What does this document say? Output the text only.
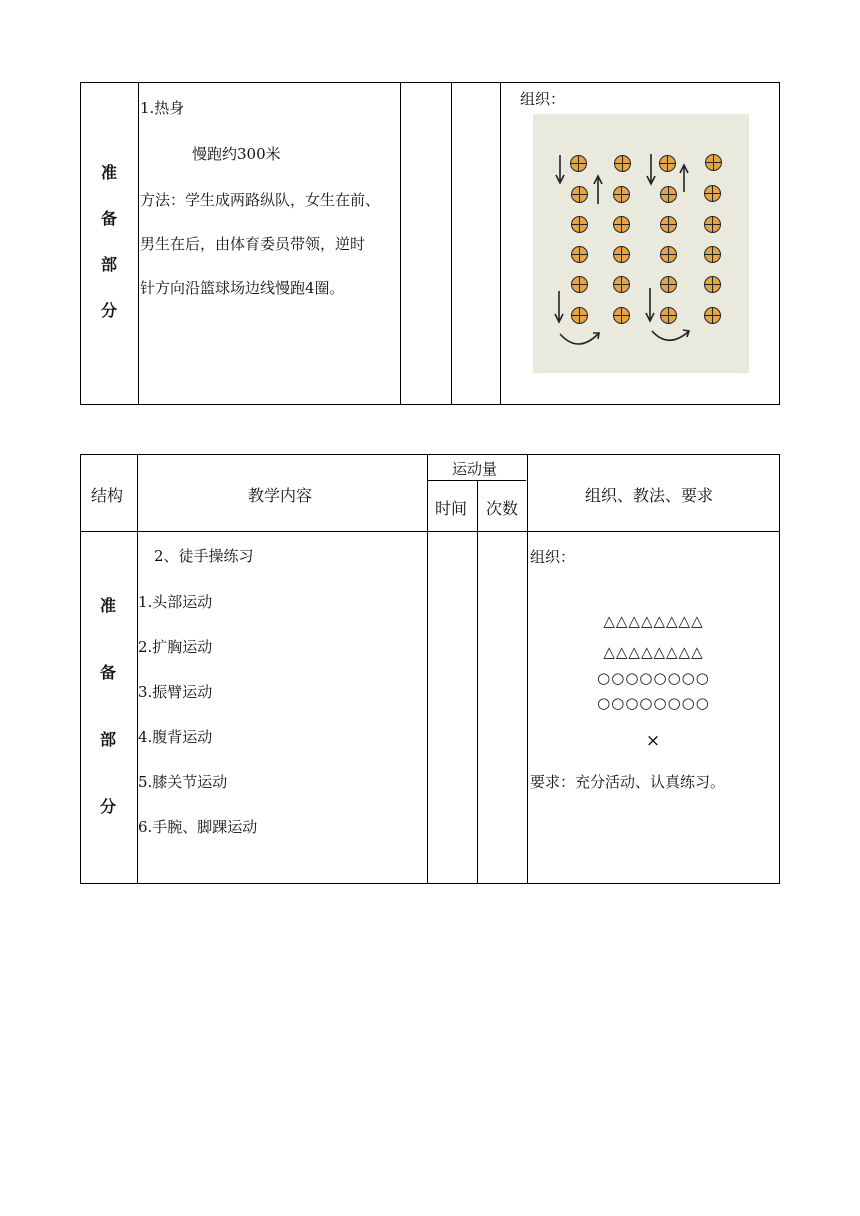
准
备
部
分
1.热身
慢跑约300米
方法：学生成两路纵队，女生在前、
男生在后，由体育委员带领，逆时
针方向沿篮球场边线慢跑4圈。
组织：
结构	教学内容
运动量
时间 次数
组织、教法、要求
准
备
部
分
2、徒手操练习
1.头部运动
2.扩胸运动
3.振臂运动
4.腹背运动
5.膝关节运动
6.手腕、脚踝运动
组织：
△△△△△△△△
△△△△△△△△
○○○○○○○○
○○○○○○○○
×
要求：充分活动、认真练习。
